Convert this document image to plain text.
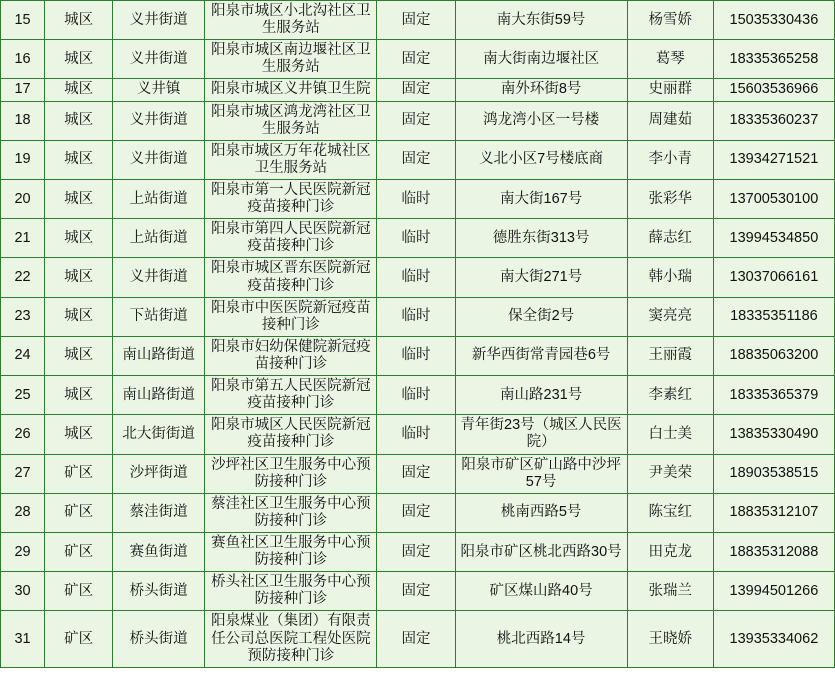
15	城区	义井街道	阳泉市城区小北沟社区卫生服务站	固定	南大东街59号	杨雪娇	15035330436
16	城区	义井街道	阳泉市城区南边堰社区卫生服务站	固定	南大街南边堰社区	葛琴	18335365258
17	城区	义井镇	阳泉市城区义井镇卫生院	固定	南外环街8号	史丽群	15603536966
18	城区	义井街道	阳泉市城区鸿龙湾社区卫生服务站	固定	鸿龙湾小区一号楼	周建茹	18335360237
19	城区	义井街道	阳泉市城区万年花城社区卫生服务站	固定	义北小区7号楼底商	李小青	13934271521
20	城区	上站街道	阳泉市第一人民医院新冠疫苗接种门诊	临时	南大街167号	张彩华	13700530100
21	城区	上站街道	阳泉市第四人民医院新冠疫苗接种门诊	临时	德胜东街313号	薛志红	13994534850
22	城区	义井街道	阳泉市城区晋东医院新冠疫苗接种门诊	临时	南大街271号	韩小瑞	13037066161
23	城区	下站街道	阳泉市中医医院新冠疫苗接种门诊	临时	保全街2号	窦亮亮	18335351186
24	城区	南山路街道	阳泉市妇幼保健院新冠疫苗接种门诊	临时	新华西街常青园巷6号	王丽霞	18835063200
25	城区	南山路街道	阳泉市第五人民医院新冠疫苗接种门诊	临时	南山路231号	李素红	18335365379
26	城区	北大街街道	阳泉市城区人民医院新冠疫苗接种门诊	临时	青年街23号（城区人民医院）	白士美	13835330490
27	矿区	沙坪街道	沙坪社区卫生服务中心预防接种门诊	固定	阳泉市矿区矿山路中沙坪57号	尹美荣	18903538515
28	矿区	蔡洼街道	蔡洼社区卫生服务中心预防接种门诊	固定	桃南西路5号	陈宝红	18835312107
29	矿区	赛鱼街道	赛鱼社区卫生服务中心预防接种门诊	固定	阳泉市矿区桃北西路30号	田克龙	18835312088
30	矿区	桥头街道	桥头社区卫生服务中心预防接种门诊	固定	矿区煤山路40号	张瑞兰	13994501266
31	矿区	桥头街道	阳泉煤业（集团）有限责任公司总医院工程处医院预防接种门诊	固定	桃北西路14号	王晓娇	13935334062
